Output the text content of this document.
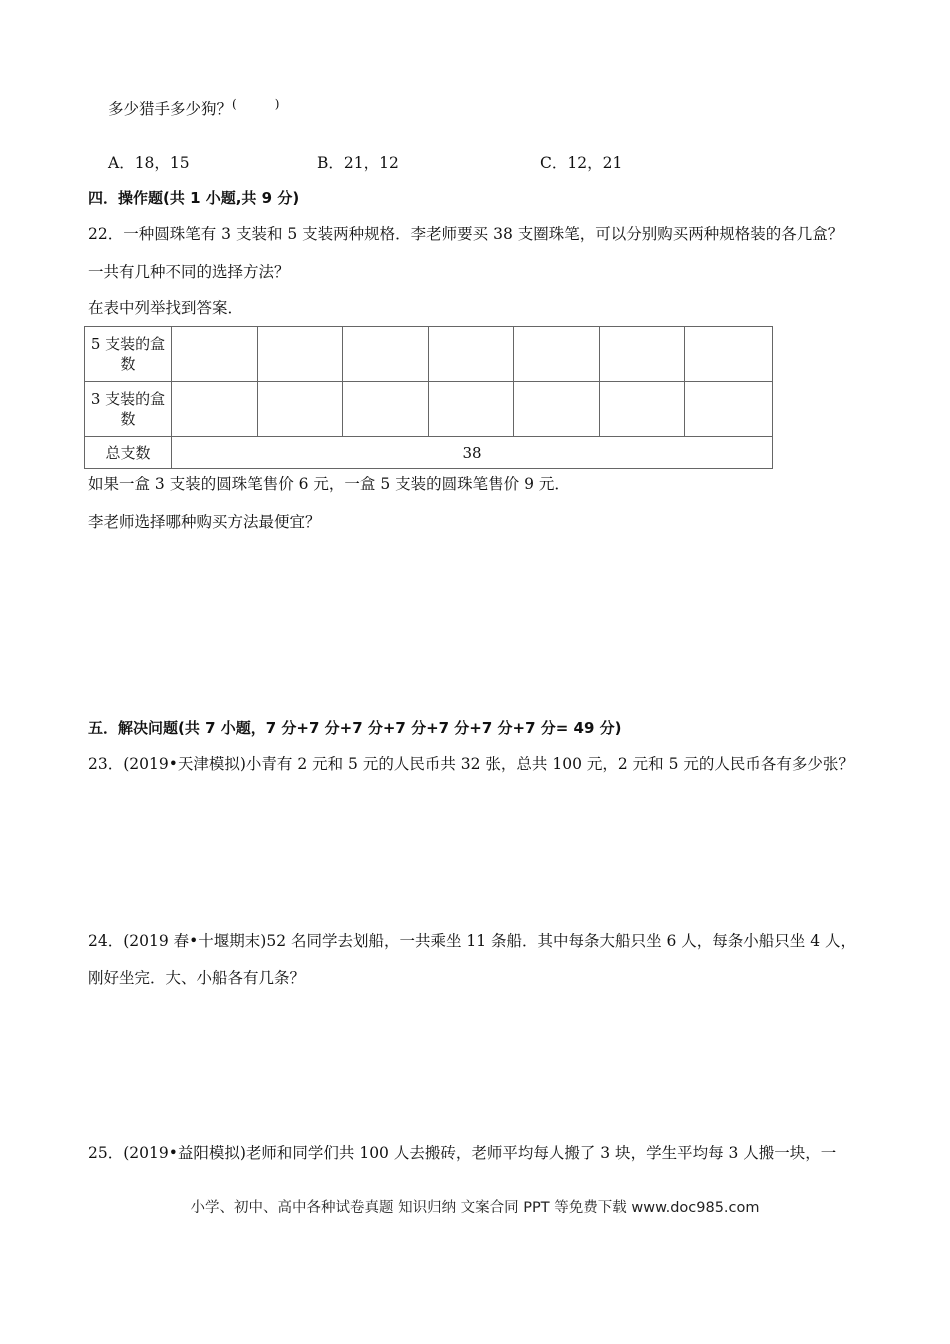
多少猎手多少狗？(	)
A．18，15	B．21，12	C．12，21
四．操作题(共 1 小题,共 9 分)
22．一种圆珠笔有 3 支装和 5 支装两种规格．李老师要买 38 支圈珠笔，可以分别购买两种规格装的各几盒？
一共有几种不同的选择方法？
在表中列举找到答案．
5 支装的盒数							
3 支装的盒数							
总支数	38						
如果一盒 3 支装的圆珠笔售价 6 元，一盒 5 支装的圆珠笔售价 9 元．
李老师选择哪种购买方法最便宜？
五．解决问题(共 7 小题，7 分+7 分+7 分+7 分+7 分+7 分+7 分= 49 分)
23．(2019•天津模拟)小青有 2 元和 5 元的人民币共 32 张，总共 100 元，2 元和 5 元的人民币各有多少张？
24．(2019 春•十堰期末)52 名同学去划船，一共乘坐 11 条船．其中每条大船只坐 6 人，每条小船只坐 4 人，
刚好坐完．大、小船各有几条？
25．(2019•益阳模拟)老师和同学们共 100 人去搬砖，老师平均每人搬了 3 块，学生平均每 3 人搬一块，一
小学、初中、高中各种试卷真题 知识归纳 文案合同 PPT 等免费下载 www.doc985.com
